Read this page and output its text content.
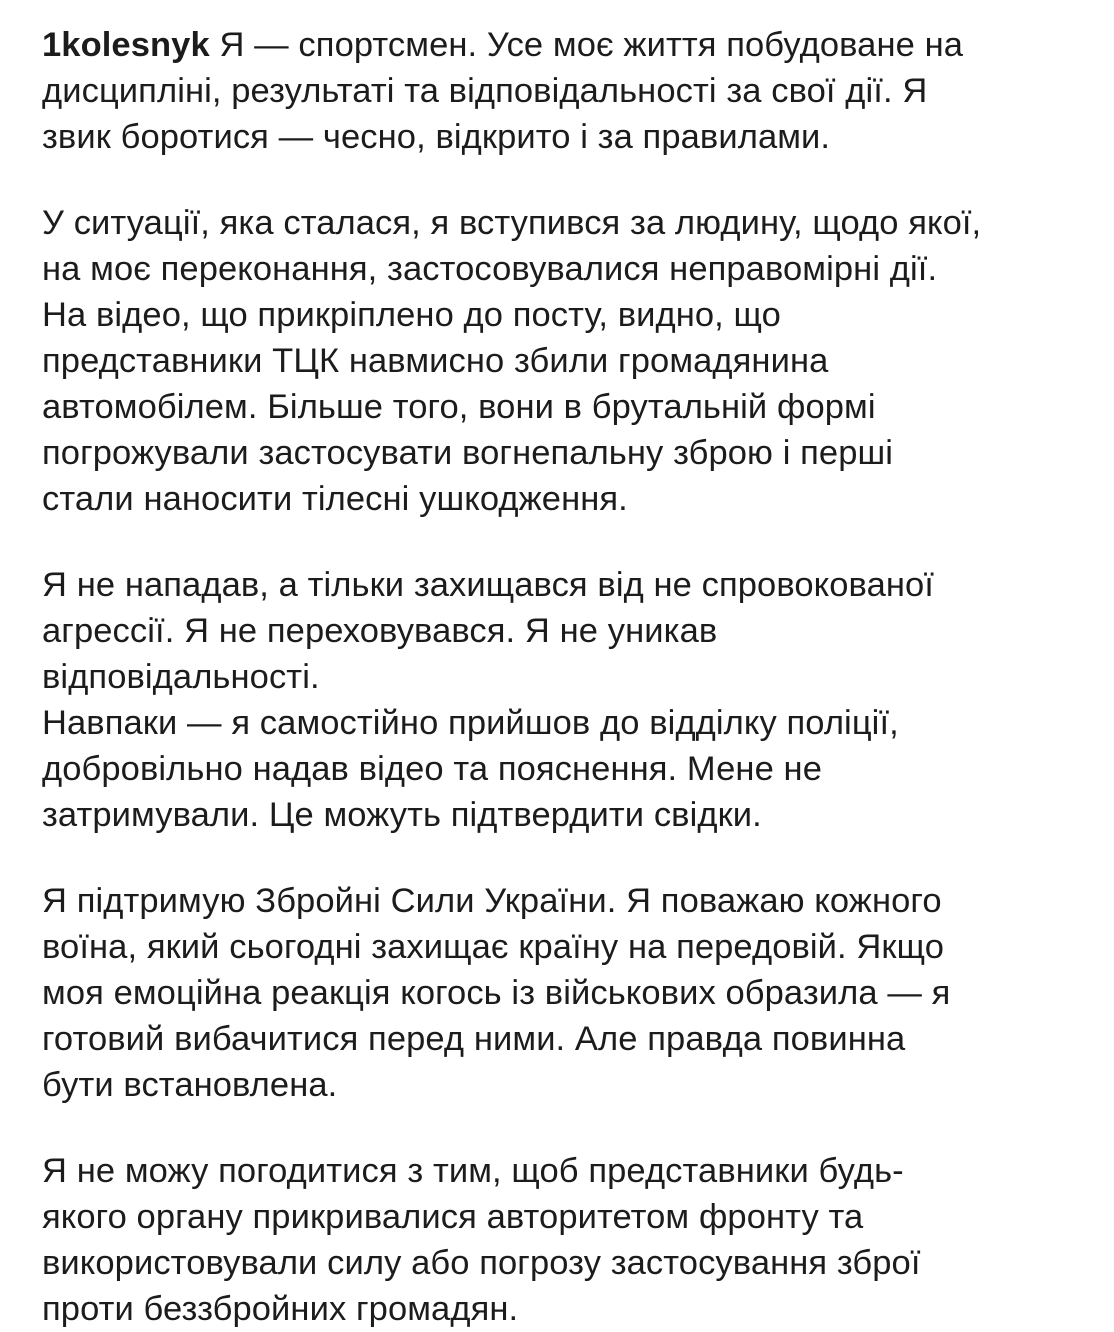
1kolesnyk Я — спортсмен. Усе моє життя побудоване на
дисципліні, результаті та відповідальності за свої дії. Я
звик боротися — чесно, відкрито і за правилами.
У ситуації, яка сталася, я вступився за людину, щодо якої,
на моє переконання, застосовувалися неправомірні дії.
На відео, що прикріплено до посту, видно, що
представники ТЦК навмисно збили громадянина
автомобілем. Більше того, вони в брутальній формі
погрожували застосувати вогнепальну зброю і перші
стали наносити тілесні ушкодження.
Я не нападав, а тільки захищався від не спровокованої
агрессії. Я не переховувався. Я не уникав
відповідальності.
Навпаки — я самостійно прийшов до відділку поліції,
добровільно надав відео та пояснення. Мене не
затримували. Це можуть підтвердити свідки.
Я підтримую Збройні Сили України. Я поважаю кожного
воїна, який сьогодні захищає країну на передовій. Якщо
моя емоційна реакція когось із військових образила — я
готовий вибачитися перед ними. Але правда повинна
бути встановлена.
Я не можу погодитися з тим, щоб представники будь-
якого органу прикривалися авторитетом фронту та
використовували силу або погрозу застосування зброї
проти беззбройних громадян.
